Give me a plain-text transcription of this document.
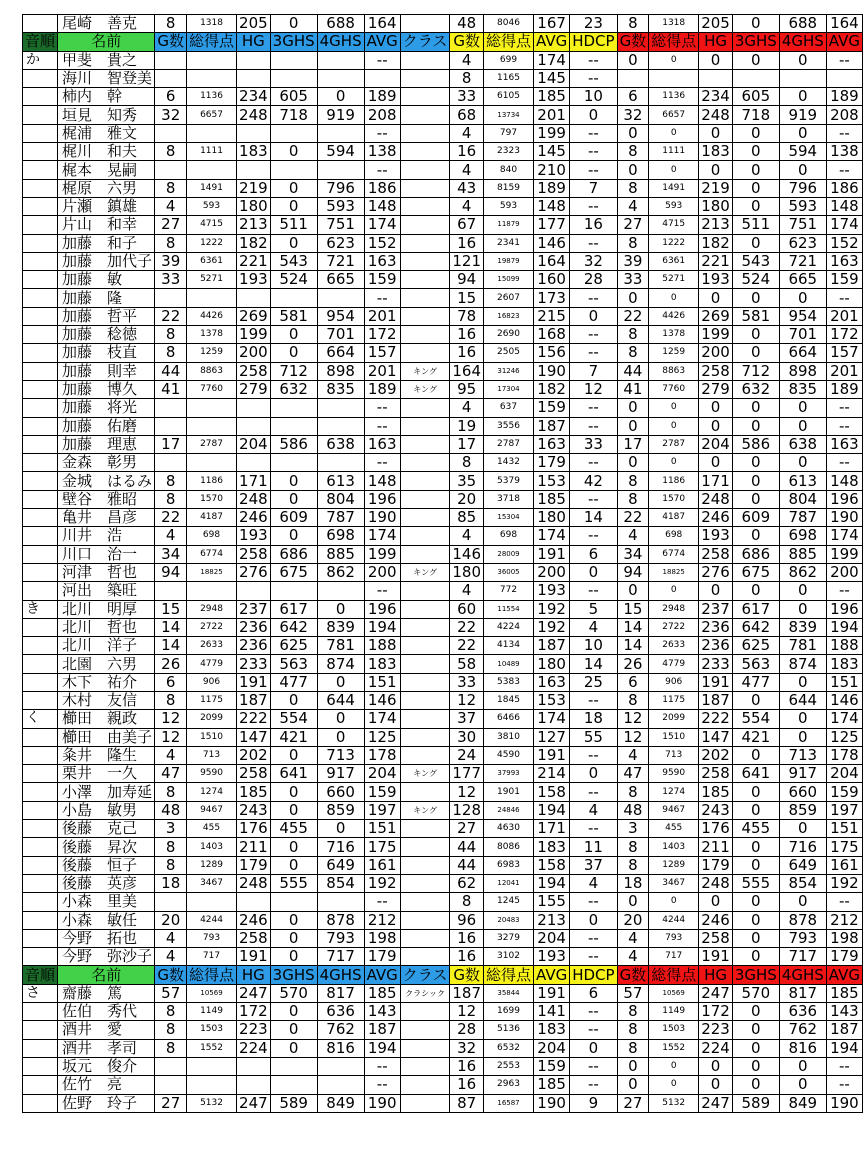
	尾崎　善克	8	1318	205	0	688	164		48	8046	167	23	8	1318	205	0	688	164
音順	名前	G数	総得点	HG	3GHS	4GHS	AVG	クラス	G数	総得点	AVG	HDCP	G数	総得点	HG	3GHS	4GHS	AVG
か	甲斐　貴之						--		4	699	174	--	0	0	0	0	0	--
	海川　智登美								8	1165	145	--						
	柿内　幹	6	1136	234	605	0	189		33	6105	185	10	6	1136	234	605	0	189
	垣見　知秀	32	6657	248	718	919	208		68	13734	201	0	32	6657	248	718	919	208
	梶浦　雅文						--		4	797	199	--	0	0	0	0	0	--
	梶川　和夫	8	1111	183	0	594	138		16	2323	145	--	8	1111	183	0	594	138
	梶本　晃嗣						--		4	840	210	--	0	0	0	0	0	--
	梶原　六男	8	1491	219	0	796	186		43	8159	189	7	8	1491	219	0	796	186
	片瀬　鎮雄	4	593	180	0	593	148		4	593	148	--	4	593	180	0	593	148
	片山　和幸	27	4715	213	511	751	174		67	11879	177	16	27	4715	213	511	751	174
	加藤　和子	8	1222	182	0	623	152		16	2341	146	--	8	1222	182	0	623	152
	加藤　加代子	39	6361	221	543	721	163		121	19879	164	32	39	6361	221	543	721	163
	加藤　敏	33	5271	193	524	665	159		94	15099	160	28	33	5271	193	524	665	159
	加藤　隆						--		15	2607	173	--	0	0	0	0	0	--
	加藤　哲平	22	4426	269	581	954	201		78	16823	215	0	22	4426	269	581	954	201
	加藤　稔徳	8	1378	199	0	701	172		16	2690	168	--	8	1378	199	0	701	172
	加藤　枝直	8	1259	200	0	664	157		16	2505	156	--	8	1259	200	0	664	157
	加藤　則幸	44	8863	258	712	898	201	キング	164	31246	190	7	44	8863	258	712	898	201
	加藤　博久	41	7760	279	632	835	189	キング	95	17304	182	12	41	7760	279	632	835	189
	加藤　将光						--		4	637	159	--	0	0	0	0	0	--
	加藤　佑磨						--		19	3556	187	--	0	0	0	0	0	--
	加藤　理恵	17	2787	204	586	638	163		17	2787	163	33	17	2787	204	586	638	163
	金森　彰男						--		8	1432	179	--	0	0	0	0	0	--
	金城　はるみ	8	1186	171	0	613	148		35	5379	153	42	8	1186	171	0	613	148
	壁谷　雅昭	8	1570	248	0	804	196		20	3718	185	--	8	1570	248	0	804	196
	亀井　昌彦	22	4187	246	609	787	190		85	15304	180	14	22	4187	246	609	787	190
	川井　浩	4	698	193	0	698	174		4	698	174	--	4	698	193	0	698	174
	川口　治一	34	6774	258	686	885	199		146	28009	191	6	34	6774	258	686	885	199
	河津　哲也	94	18825	276	675	862	200	キング	180	36005	200	0	94	18825	276	675	862	200
	河出　築旺						--		4	772	193	--	0	0	0	0	0	--
き	北川　明厚	15	2948	237	617	0	196		60	11554	192	5	15	2948	237	617	0	196
	北川　哲也	14	2722	236	642	839	194		22	4224	192	4	14	2722	236	642	839	194
	北川　洋子	14	2633	236	625	781	188		22	4134	187	10	14	2633	236	625	781	188
	北園　六男	26	4779	233	563	874	183		58	10489	180	14	26	4779	233	563	874	183
	木下　祐介	6	906	191	477	0	151		33	5383	163	25	6	906	191	477	0	151
	木村　友信	8	1175	187	0	644	146		12	1845	153	--	8	1175	187	0	644	146
く	櫛田　親政	12	2099	222	554	0	174		37	6466	174	18	12	2099	222	554	0	174
	櫛田　由美子	12	1510	147	421	0	125		30	3810	127	55	12	1510	147	421	0	125
	粂井　隆生	4	713	202	0	713	178		24	4590	191	--	4	713	202	0	713	178
	栗井　一久	47	9590	258	641	917	204	キング	177	37993	214	0	47	9590	258	641	917	204
	小澤　加寿延	8	1274	185	0	660	159		12	1901	158	--	8	1274	185	0	660	159
	小島　敏男	48	9467	243	0	859	197	キング	128	24846	194	4	48	9467	243	0	859	197
	後藤　克己	3	455	176	455	0	151		27	4630	171	--	3	455	176	455	0	151
	後藤　昇次	8	1403	211	0	716	175		44	8086	183	11	8	1403	211	0	716	175
	後藤　恒子	8	1289	179	0	649	161		44	6983	158	37	8	1289	179	0	649	161
	後藤　英彦	18	3467	248	555	854	192		62	12041	194	4	18	3467	248	555	854	192
	小森　里美						--		8	1245	155	--	0	0	0	0	0	--
	小森　敏任	20	4244	246	0	878	212		96	20483	213	0	20	4244	246	0	878	212
	今野　拓也	4	793	258	0	793	198		16	3279	204	--	4	793	258	0	793	198
	今野　弥沙子	4	717	191	0	717	179		16	3102	193	--	4	717	191	0	717	179
音順	名前	G数	総得点	HG	3GHS	4GHS	AVG	クラス	G数	総得点	AVG	HDCP	G数	総得点	HG	3GHS	4GHS	AVG
さ	齋藤　篤	57	10569	247	570	817	185	クラシック	187	35844	191	6	57	10569	247	570	817	185
	佐伯　秀代	8	1149	172	0	636	143		12	1699	141	--	8	1149	172	0	636	143
	酒井　愛	8	1503	223	0	762	187		28	5136	183	--	8	1503	223	0	762	187
	酒井　孝司	8	1552	224	0	816	194		32	6532	204	0	8	1552	224	0	816	194
	坂元　俊介						--		16	2553	159	--	0	0	0	0	0	--
	佐竹　亮						--		16	2963	185	--	0	0	0	0	0	--
	佐野　玲子	27	5132	247	589	849	190		87	16587	190	9	27	5132	247	589	849	190
